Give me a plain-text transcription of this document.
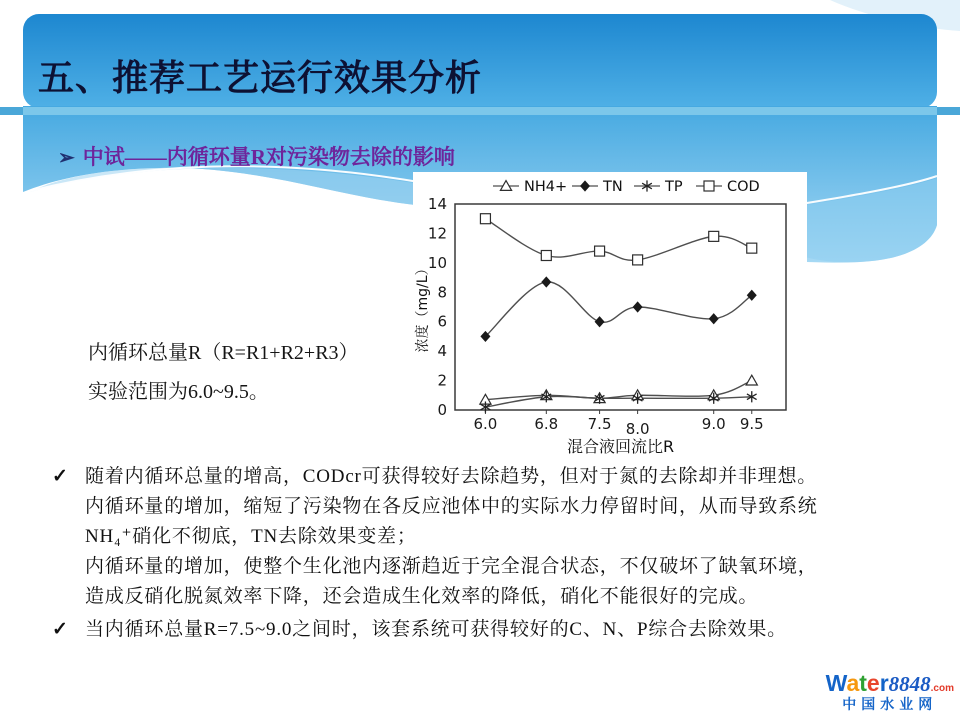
五、推荐工艺运行效果分析
➢ 中试——内循环量R对污染物去除的影响
内循环总量R（R=R1+R2+R3）
实验范围为6.0~9.5。
0
2
4
6
8
10
12
14
6.0 6.8 7.5 8.0	9.0 9.5
混合液回流比R
浓度（mg/L）
NH4+ TN	TP	COD
✓ 随着内循环总量的增高，CODcr可获得较好去除趋势，但对于氮的去除却并非理想。
内循环量的增加，缩短了污染物在各反应池体中的实际水力停留时间，从而导致系统
NH₄⁺硝化不彻底，TN去除效果变差；
内循环量的增加，使整个生化池内逐渐趋近于完全混合状态，不仅破坏了缺氧环境，
造成反硝化脱氮效率下降，还会造成生化效率的降低，硝化不能很好的完成。
✓ 当内循环总量R=7.5~9.0之间时，该套系统可获得较好的C、N、P综合去除效果。
Water8848.com
中国水业网
